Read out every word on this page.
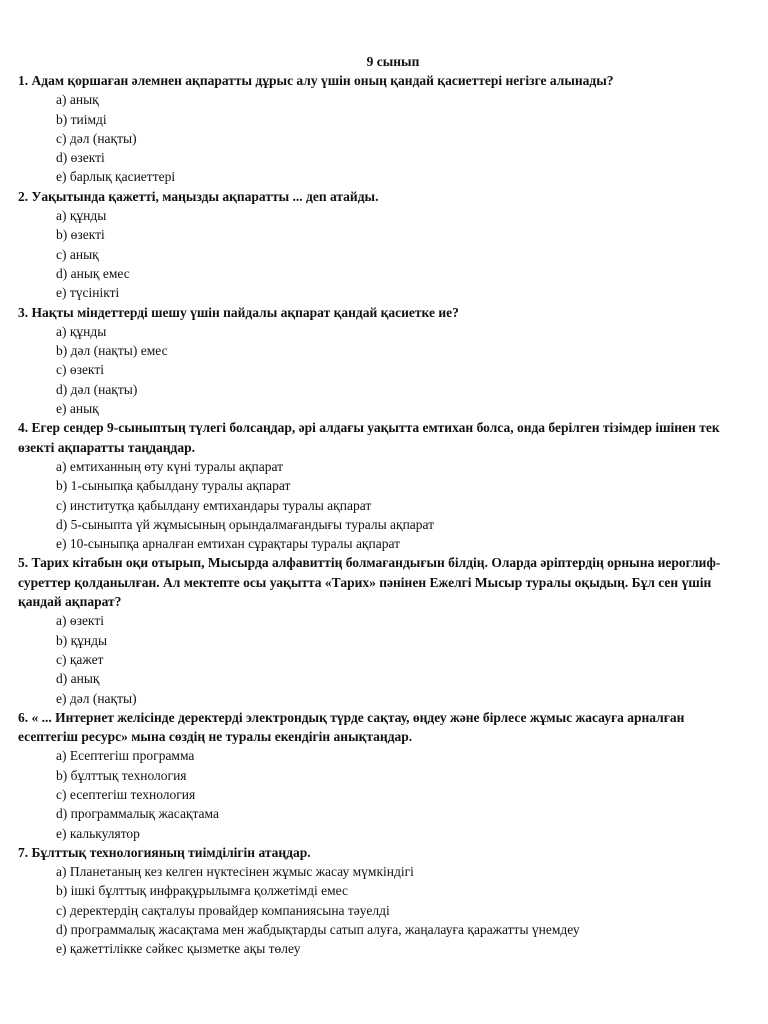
9 сынып

1. Адам қоршаған әлемнен ақпаратты дұрыс алу үшін оның қандай қасиеттері негізге алынады?

a) анық
b) тиімді
c) дәл (нақты)
d) өзекті
e) барлық қасиеттері

2. Уақытында қажетті, маңызды ақпаратты ... деп атайды.

a) құнды
b) өзекті
c) анық
d) анық емес
e) түсінікті

3. Нақты міндеттерді шешу үшін пайдалы ақпарат қандай қасиетке ие?

a) құнды
b) дәл (нақты) емес
c) өзекті
d) дәл (нақты)
e) анық

4. Егер сендер 9-сыныптың түлегі болсаңдар, әрі алдағы уақытта емтихан болса, онда берілген тізімдер ішінен тек өзекті ақпаратты таңдаңдар.

a) емтиханның өту күні туралы ақпарат
b) 1-сыныпқа қабылдану туралы ақпарат
c) институтқа қабылдану емтихандары туралы ақпарат
d) 5-сыныпта үй жұмысының орындалмағандығы туралы ақпарат
e) 10-сыныпқа арналған емтихан сұрақтары туралы ақпарат

5. Тарих кітабын оқи отырып, Мысырда алфавиттің болмағандығын білдің. Оларда әріптердің орнына иероглиф-суреттер қолданылған. Ал мектепте осы уақытта «Тарих» пәнінен Ежелгі Мысыр туралы оқыдың. Бұл сен үшін қандай ақпарат?

a) өзекті
b) құнды
c) қажет
d) анық
e) дәл (нақты)

6. « ... Интернет желісінде деректерді электрондық түрде сақтау, өңдеу және бірлесе жұмыс жасауға арналған есептегіш ресурс» мына сөздің не туралы екендігін анықтаңдар.

a) Есептегіш программа
b) бұлттық технология
c) есептегіш технология
d) программалық жасақтама
e) калькулятор

7. Бұлттық технологияның тиімділігін атаңдар.

a) Планетаның кез келген нүктесінен жұмыс жасау мүмкіндігі
b) ішкі бұлттық инфрақұрылымға қолжетімді емес
c) деректердің сақталуы провайдер компаниясына тәуелді
d) программалық жасақтама мен жабдықтарды сатып алуға, жаңалауға қаражатты үнемдеу
e) қажеттілікке сәйкес қызметке ақы төлеу
